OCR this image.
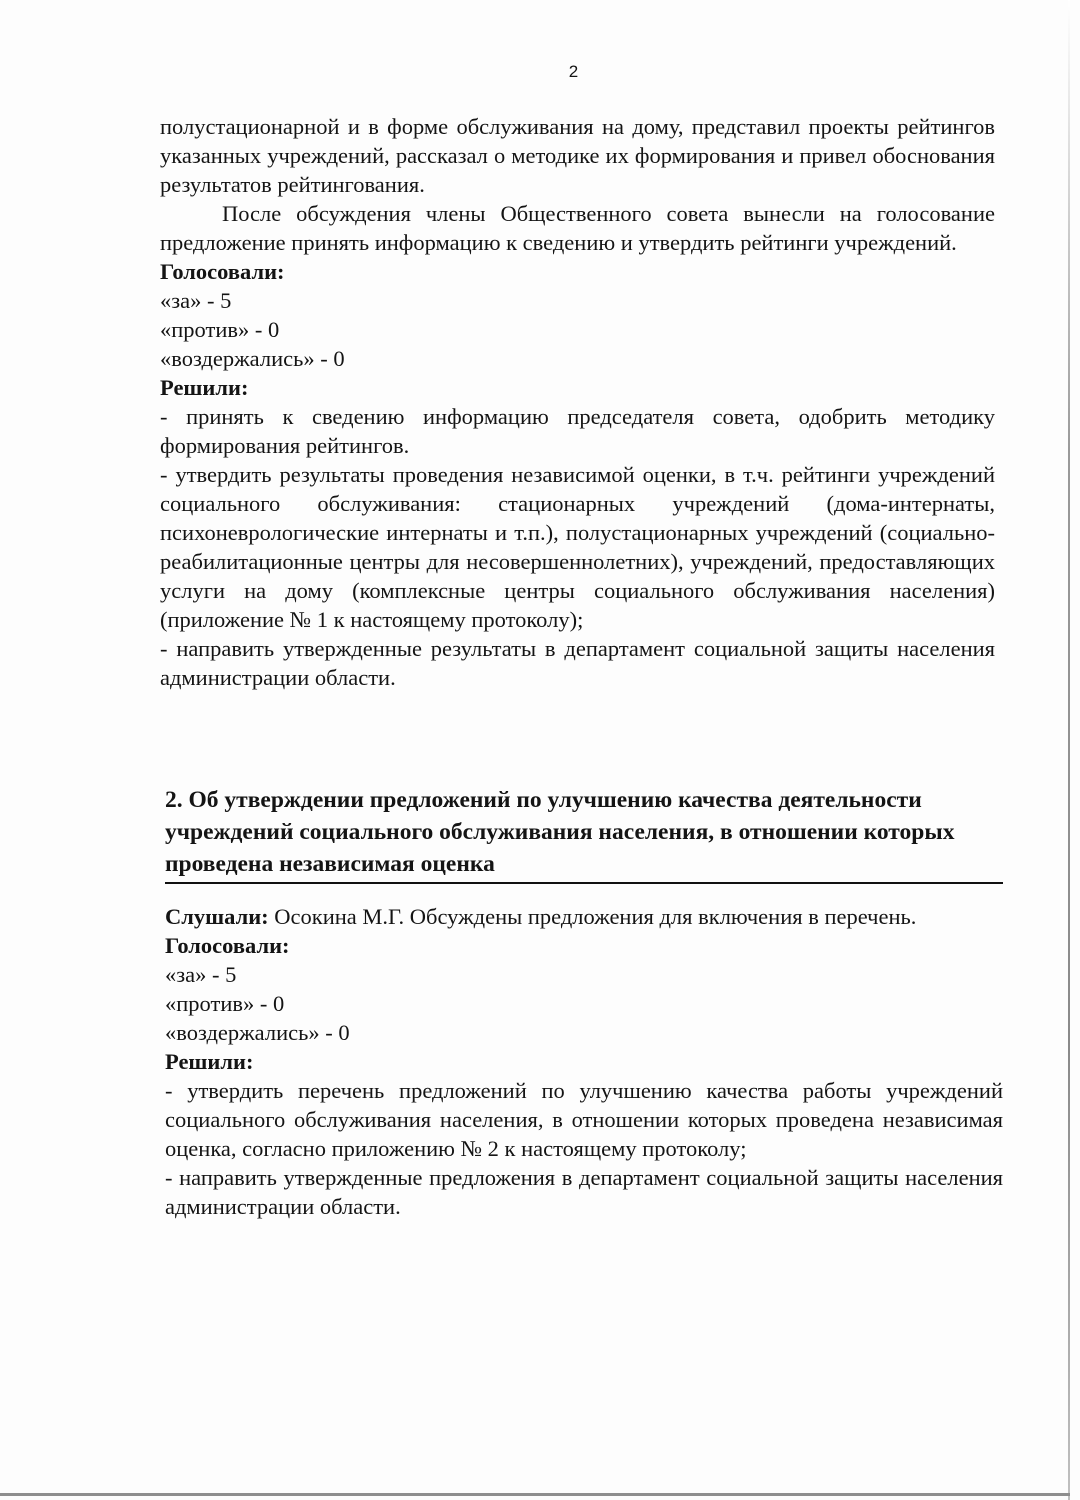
2

полустационарной и в форме обслуживания на дому, представил проекты рейтингов указанных учреждений, рассказал о методике их формирования и привел обоснования результатов рейтингования.

После обсуждения члены Общественного совета вынесли на голосование предложение принять информацию к сведению и утвердить рейтинги учреждений.

Голосовали:

«за» - 5

«против» - 0

«воздержались» - 0

Решили:

- принять к сведению информацию председателя совета, одобрить методику формирования рейтингов.

- утвердить результаты проведения независимой оценки, в т.ч. рейтинги учреждений социального обслуживания: стационарных учреждений (дома-интернаты, психоневрологические интернаты и т.п.), полустационарных учреждений (социально-реабилитационные центры для несовершеннолетних), учреждений, предоставляющих услуги на дому (комплексные центры социального обслуживания населения) (приложение № 1 к настоящему протоколу);

- направить утвержденные результаты в департамент социальной защиты населения администрации области.

2. Об утверждении предложений по улучшению качества деятельности учреждений социального обслуживания населения, в отношении которых проведена независимая оценка

Слушали: Осокина М.Г. Обсуждены предложения для включения в перечень.

Голосовали:

«за» - 5

«против» - 0

«воздержались» - 0

Решили:

- утвердить перечень предложений по улучшению качества работы учреждений социального обслуживания населения, в отношении которых проведена независимая оценка, согласно приложению № 2 к настоящему протоколу;

- направить утвержденные предложения в департамент социальной защиты населения администрации области.
